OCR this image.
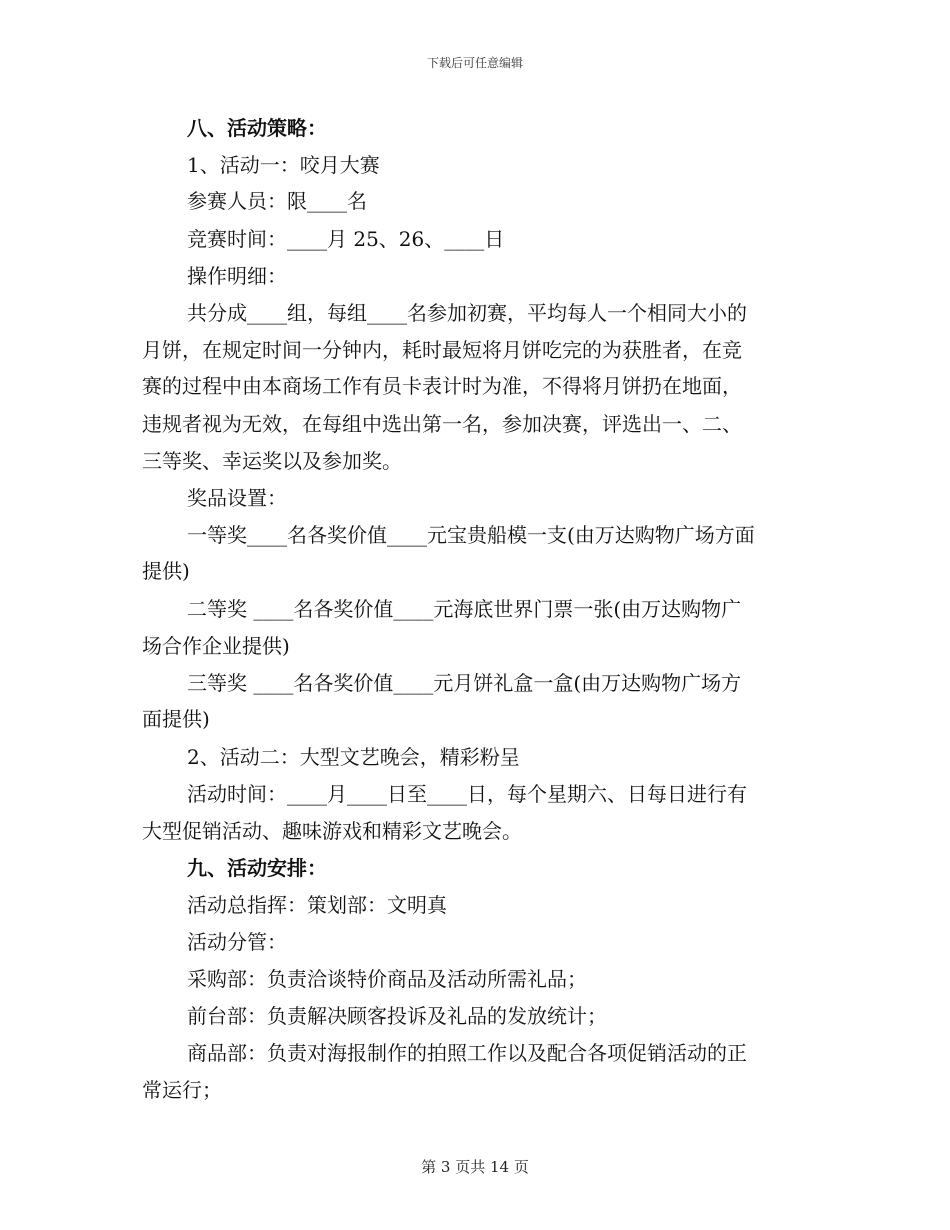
下载后可任意编辑
八、活动策略：
1、活动一：咬月大赛
参赛人员：限____名
竞赛时间：____月 25、26、____日
操作明细：
共分成____组，每组____名参加初赛，平均每人一个相同大小的
月饼，在规定时间一分钟内，耗时最短将月饼吃完的为获胜者，在竞
赛的过程中由本商场工作有员卡表计时为准，不得将月饼扔在地面，
违规者视为无效，在每组中选出第一名，参加决赛，评选出一、二、
三等奖、幸运奖以及参加奖。
奖品设置：
一等奖____名各奖价值____元宝贵船模一支(由万达购物广场方面
提供)
二等奖 ____名各奖价值____元海底世界门票一张(由万达购物广
场合作企业提供)
三等奖 ____名各奖价值____元月饼礼盒一盒(由万达购物广场方
面提供)
2、活动二：大型文艺晚会，精彩粉呈
活动时间：____月____日至____日，每个星期六、日每日进行有
大型促销活动、趣味游戏和精彩文艺晚会。
九、活动安排：
活动总指挥：策划部：文明真
活动分管：
采购部：负责洽谈特价商品及活动所需礼品；
前台部：负责解决顾客投诉及礼品的发放统计；
商品部：负责对海报制作的拍照工作以及配合各项促销活动的正
常运行；
第 3 页共 14 页
